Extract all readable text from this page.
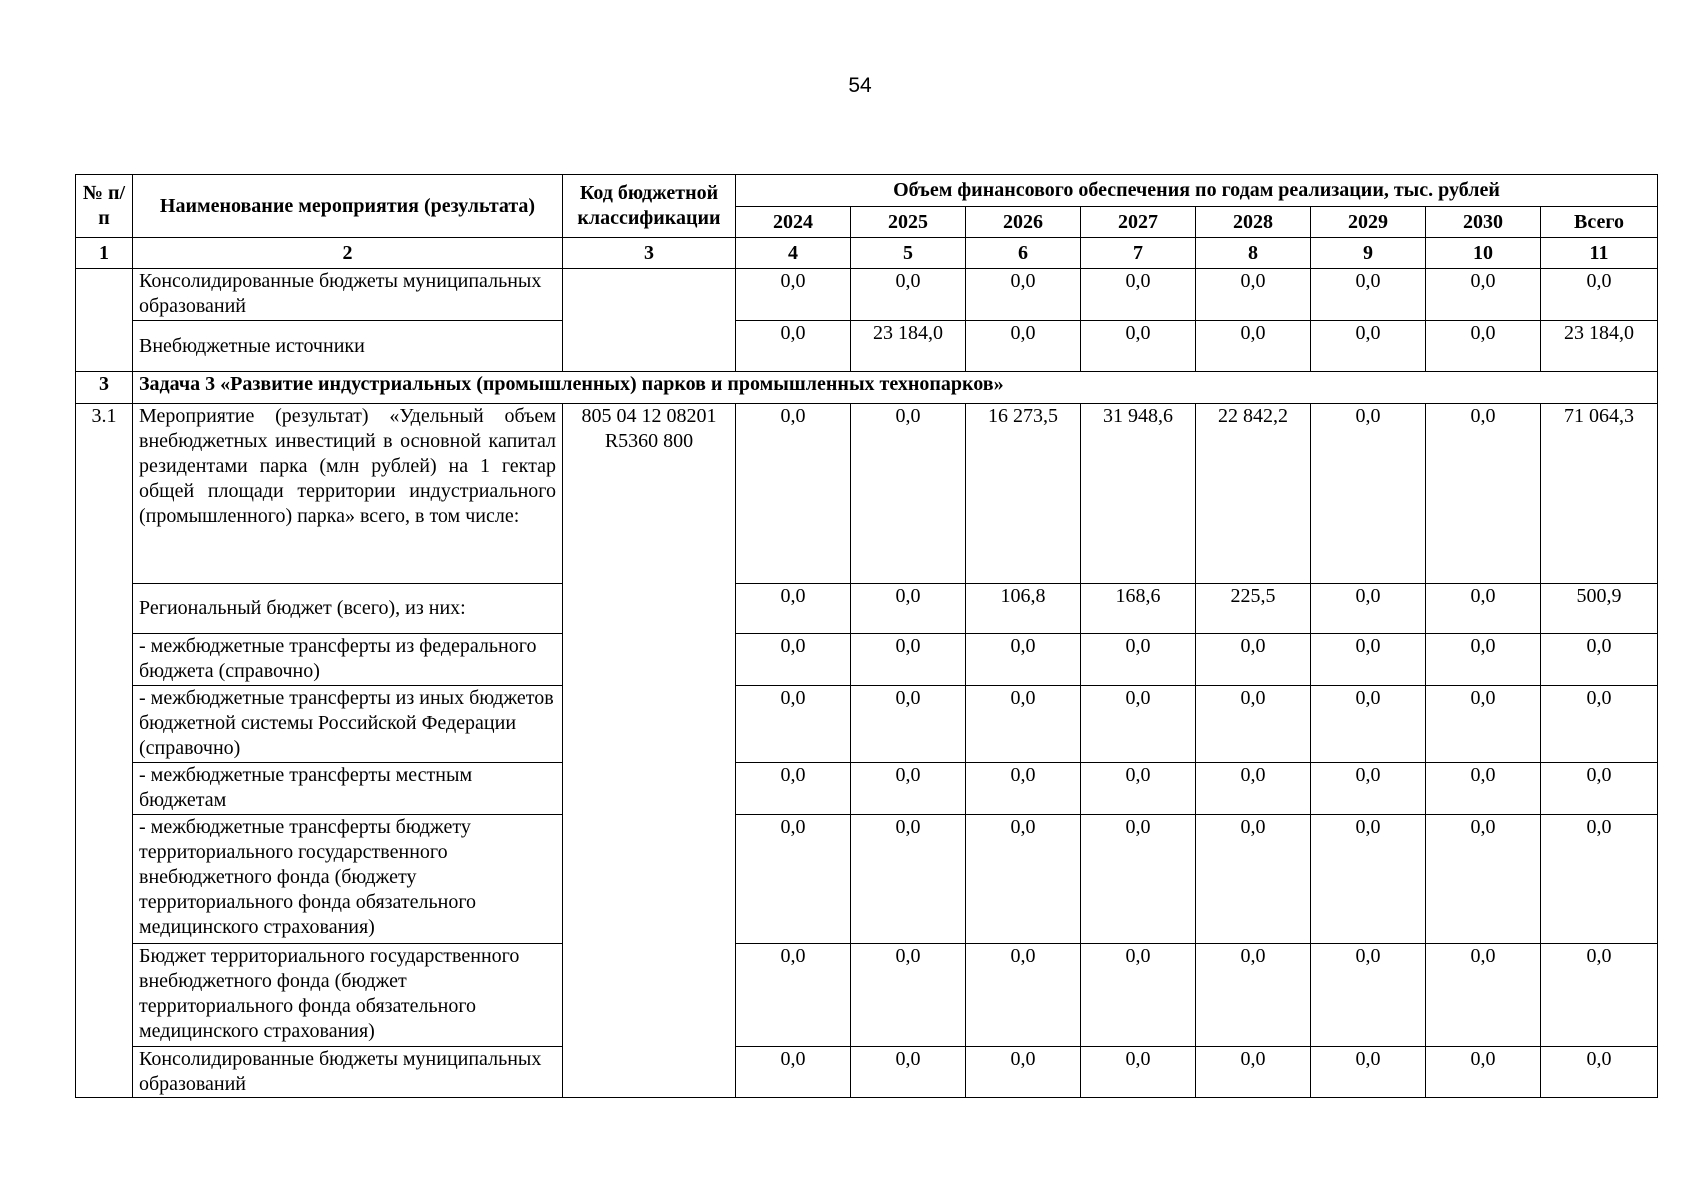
54
№ п/п	Наименование мероприятия (результата)	Код бюджетной классификации	Объем финансового обеспечения по годам реализации, тыс. рублей							
			2024	2025	2026	2027	2028	2029	2030	Всего
1	2	3	4	5	6	7	8	9	10	11
	Консолидированные бюджеты муниципальных образований		0,0	0,0	0,0	0,0	0,0	0,0	0,0	0,0
	Внебюджетные источники		0,0	23 184,0	0,0	0,0	0,0	0,0	0,0	23 184,0
3	Задача 3 «Развитие индустриальных (промышленных) парков и промышленных технопарков»									
3.1	Мероприятие (результат) «Удельный объем внебюджетных инвестиций в основной капитал резидентами парка (млн рублей) на 1 гектар общей площади территории индустриального (промышленного) парка» всего, в том числе:	805 04 12 08201 R5360 800	0,0	0,0	16 273,5	31 948,6	22 842,2	0,0	0,0	71 064,3
	Региональный бюджет (всего), из них:		0,0	0,0	106,8	168,6	225,5	0,0	0,0	500,9
	- межбюджетные трансферты из федерального бюджета (справочно)		0,0	0,0	0,0	0,0	0,0	0,0	0,0	0,0
	- межбюджетные трансферты из иных бюджетов бюджетной системы Российской Федерации (справочно)		0,0	0,0	0,0	0,0	0,0	0,0	0,0	0,0
	- межбюджетные трансферты местным бюджетам		0,0	0,0	0,0	0,0	0,0	0,0	0,0	0,0
	- межбюджетные трансферты бюджету территориального государственного внебюджетного фонда (бюджету территориального фонда обязательного медицинского страхования)		0,0	0,0	0,0	0,0	0,0	0,0	0,0	0,0
	Бюджет территориального государственного внебюджетного фонда (бюджет территориального фонда обязательного медицинского страхования)		0,0	0,0	0,0	0,0	0,0	0,0	0,0	0,0
	Консолидированные бюджеты муниципальных образований		0,0	0,0	0,0	0,0	0,0	0,0	0,0	0,0
